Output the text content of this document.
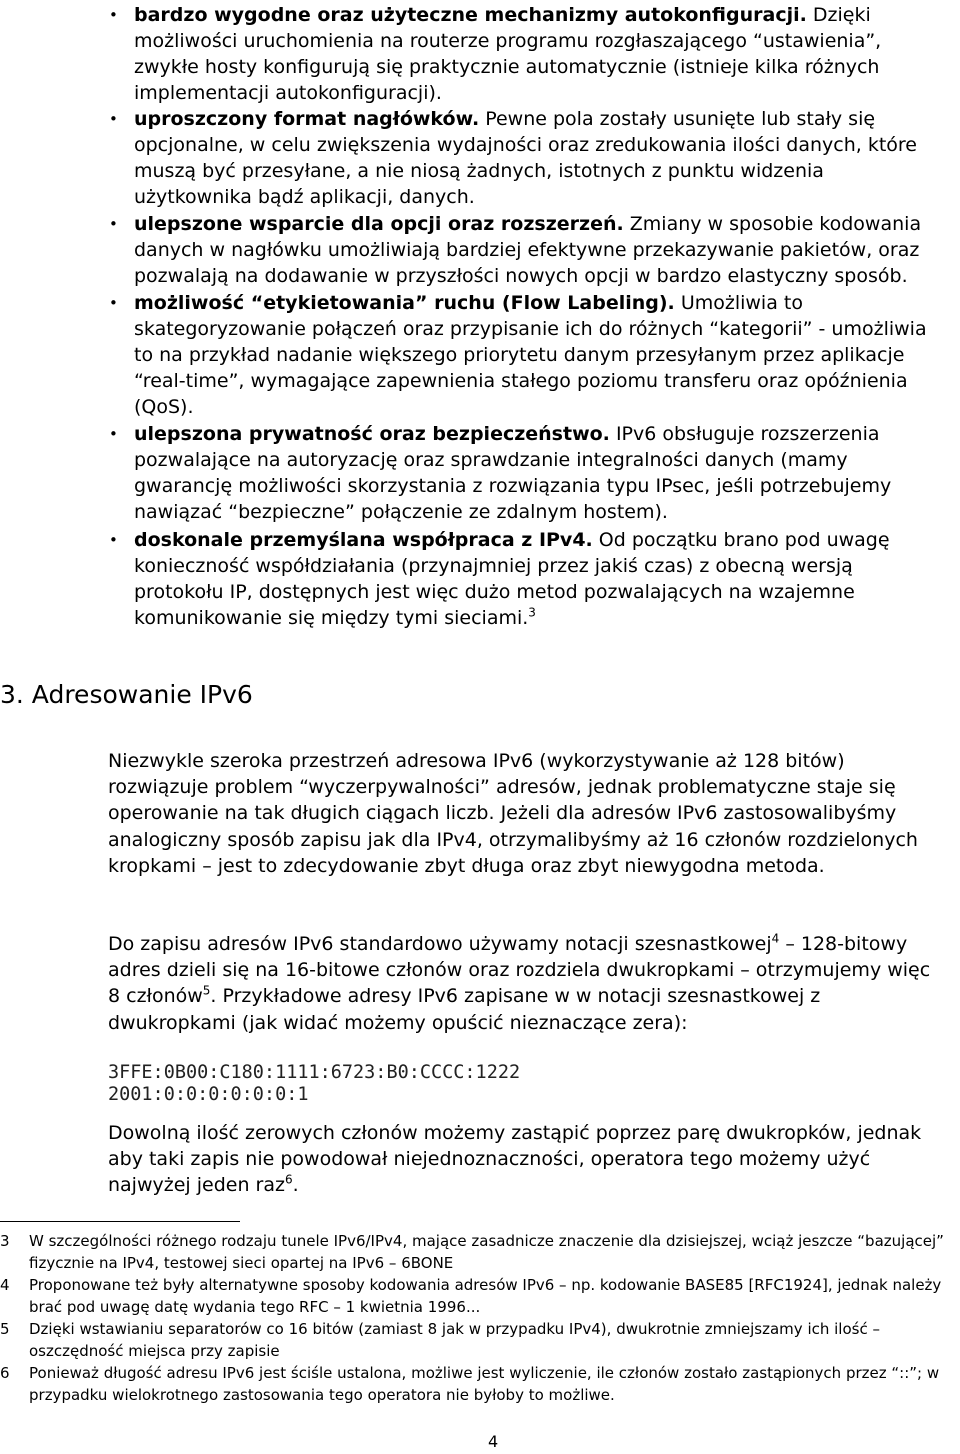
• bardzo wygodne oraz użyteczne mechanizmy autokonfiguracji. Dzięki możliwości uruchomienia na routerze programu rozgłaszającego “ustawienia”, zwykłe hosty konfigurują się praktycznie automatycznie (istnieje kilka różnych implementacji autokonfiguracji).
• uproszczony format nagłówków. Pewne pola zostały usunięte lub stały się opcjonalne, w celu zwiększenia wydajności oraz zredukowania ilości danych, które muszą być przesyłane, a nie niosą żadnych, istotnych z punktu widzenia użytkownika bądź aplikacji, danych.
• ulepszone wsparcie dla opcji oraz rozszerzeń. Zmiany w sposobie kodowania danych w nagłówku umożliwiają bardziej efektywne przekazywanie pakietów, oraz pozwalają na dodawanie w przyszłości nowych opcji w bardzo elastyczny sposób.
• możliwość “etykietowania” ruchu (Flow Labeling). Umożliwia to skategoryzowanie połączeń oraz przypisanie ich do różnych “kategorii” - umożliwia to na przykład nadanie większego priorytetu danym przesyłanym przez aplikacje “real-time”, wymagające zapewnienia stałego poziomu transferu oraz opóźnienia (QoS).
• ulepszona prywatność oraz bezpieczeństwo. IPv6 obsługuje rozszerzenia pozwalające na autoryzację oraz sprawdzanie integralności danych (mamy gwarancję możliwości skorzystania z rozwiązania typu IPsec, jeśli potrzebujemy nawiązać “bezpieczne” połączenie ze zdalnym hostem).
• doskonale przemyślana współpraca z IPv4. Od początku brano pod uwagę konieczność współdziałania (przynajmniej przez jakiś czas) z obecną wersją protokołu IP, dostępnych jest więc dużo metod pozwalających na wzajemne komunikowanie się między tymi sieciami.$^3$
3. Adresowanie IPv6

Niezwykle szeroka przestrzeń adresowa IPv6 (wykorzystywanie aż 128 bitów) rozwiązuje problem “wyczerpywalności” adresów, jednak problematyczne staje się operowanie na tak długich ciągach liczb. Jeżeli dla adresów IPv6 zastosowalibyśmy analogiczny sposób zapisu jak dla IPv4, otrzymalibyśmy aż 16 członów rozdzielonych kropkami – jest to zdecydowanie zbyt długa oraz zbyt niewygodna metoda.

Do zapisu adresów IPv6 standardowo używamy notacji szesnastkowej$^4$ – 128-bitowy adres dzieli się na 16-bitowe członów oraz rozdziela dwukropkami – otrzymujemy więc 8 członów$^5$. Przykładowe adresy IPv6 zapisane w w notacji szesnastkowej z dwukropkami (jak widać możemy opuścić nieznaczące zera):

3FFE:0B00:C180:1111:6723:B0:CCCC:1222
2001:0:0:0:0:0:0:1

Dowolną ilość zerowych członów możemy zastąpić poprzez parę dwukropków, jednak aby taki zapis nie powodował niejednoznaczności, operatora tego możemy użyć najwyżej jeden raz$^6$.

3 W szczególności różnego rodzaju tunele IPv6/IPv4, mające zasadnicze znaczenie dla dzisiejszej, wciąż jeszcze “bazującej” fizycznie na IPv4, testowej sieci opartej na IPv6 – 6BONE
4 Proponowane też były alternatywne sposoby kodowania adresów IPv6 – np. kodowanie BASE85 [RFC1924], jednak należy brać pod uwagę datę wydania tego RFC – 1 kwietnia 1996...
5 Dzięki wstawianiu separatorów co 16 bitów (zamiast 8 jak w przypadku IPv4), dwukrotnie zmniejszamy ich ilość – oszczędność miejsca przy zapisie
6 Ponieważ długość adresu IPv6 jest ściśle ustalona, możliwe jest wyliczenie, ile członów zostało zastąpionych przez “::”; w przypadku wielokrotnego zastosowania tego operatora nie byłoby to możliwe.
4
